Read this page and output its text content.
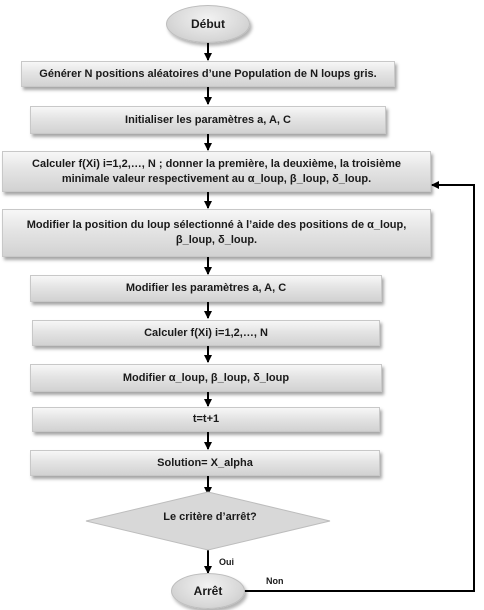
Début
Générer N positions aléatoires d’une Population de N loups gris.
Initialiser les paramètres a, A, C
Calculer f(Xi) i=1,2,…, N ; donner la première, la deuxième, la troisième minimale valeur respectivement au α_loup, β_loup, δ_loup.
Modifier la position du loup sélectionné à l’aide des positions de α_loup, β_loup, δ_loup.
Modifier les paramètres a, A, C
Calculer f(Xi) i=1,2,…, N
Modifier α_loup, β_loup, δ_loup
t=t+1
Solution= X_alpha
Le critère d’arrêt?
Oui
Non
Arrêt
